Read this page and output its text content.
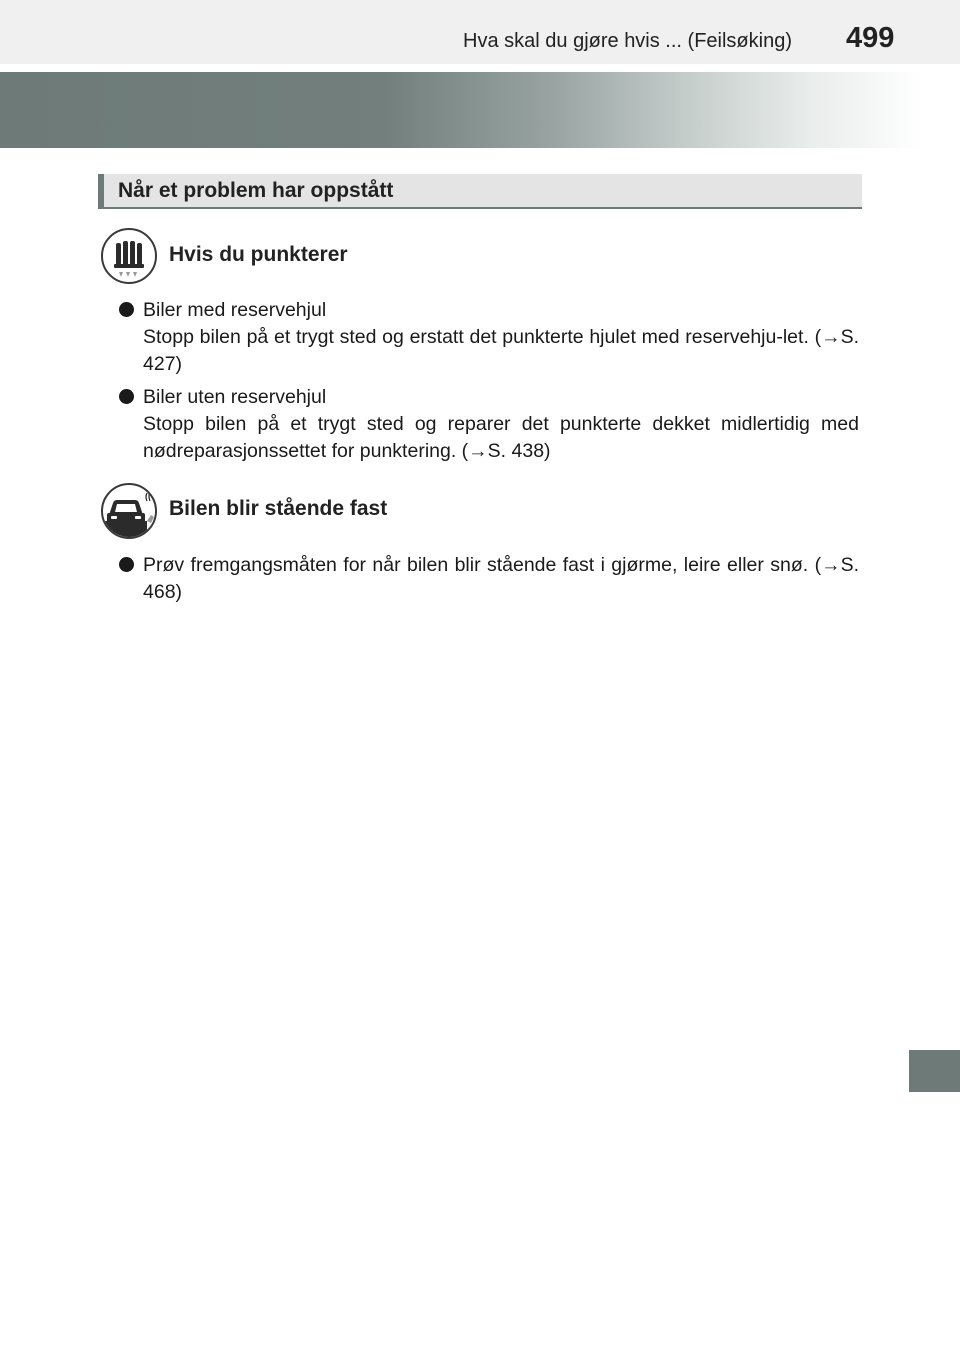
Hva skal du gjøre hvis ... (Feilsøking) 499
Når et problem har oppstått
Hvis du punkterer
Biler med reservehjul
Stopp bilen på et trygt sted og erstatt det punkterte hjulet med reservehju-let. (→S. 427)
Biler uten reservehjul
Stopp bilen på et trygt sted og reparer det punkterte dekket midlertidig med nødreparasjonssettet for punktering. (→S. 438)
Bilen blir stående fast
Prøv fremgangsmåten for når bilen blir stående fast i gjørme, leire eller snø. (→S. 468)
